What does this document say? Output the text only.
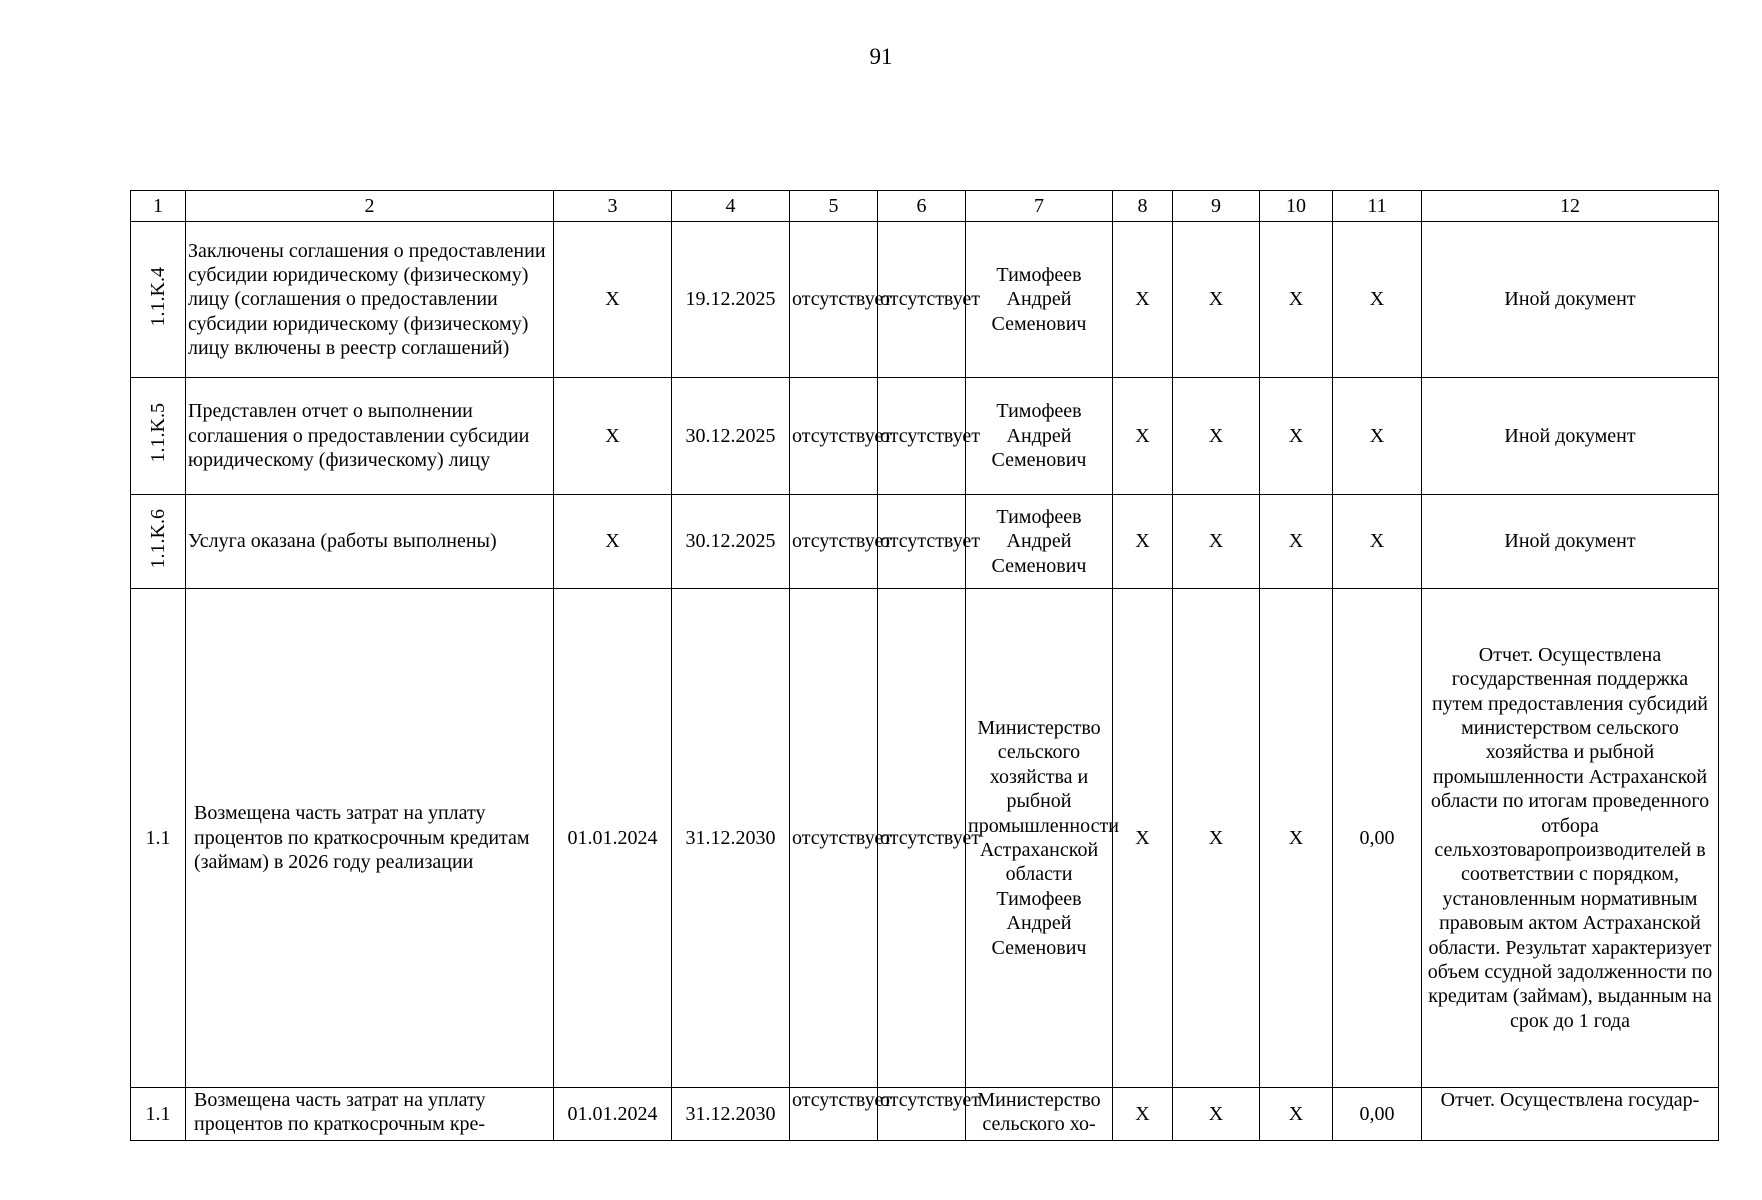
91
1	2	3	4	5	6	7	8	9	10	11	12
1.1.K.4	Заключены соглашения о предоставлении субсидии юридическому (физическому) лицу (соглашения о предоставлении субсидии юридическому (физическому) лицу включены в реестр соглашений)	X	19.12.2025	отсутствует	отсутствует	Тимофеев Андрей Семенович	X	X	X	X	Иной документ
1.1.K.5	Представлен отчет о выполнении соглашения о предоставлении субсидии юридическому (физическому) лицу	X	30.12.2025	отсутствует	отсутствует	Тимофеев Андрей Семенович	X	X	X	X	Иной документ
1.1.K.6	Услуга оказана (работы выполнены)	X	30.12.2025	отсутствует	отсутствует	Тимофеев Андрей Семенович	X	X	X	X	Иной документ
1.1	Возмещена часть затрат на уплату процентов по краткосрочным кредитам (займам) в 2026 году реализации	01.01.2024	31.12.2030	отсутствует	отсутствует	Министерство сельского хозяйства и рыбной промышленности Астраханской области Тимофеев Андрей Семенович	X	X	X	0,00	Отчет. Осуществлена государственная поддержка путем предоставления субсидий министерством сельского хозяйства и рыбной промышленности Астраханской области по итогам проведенного отбора сельхозтоваропроизводителей в соответствии с порядком, установленным нормативным правовым актом Астраханской области. Результат характеризует объем ссудной задолженности по кредитам (займам), выданным на срок до 1 года
1.1	Возмещена часть затрат на уплату процентов по краткосрочным кре-	01.01.2024	31.12.2030	отсутствует	отсутствует	Министерство сельского хо-	X	X	X	0,00	Отчет. Осуществлена государ-
